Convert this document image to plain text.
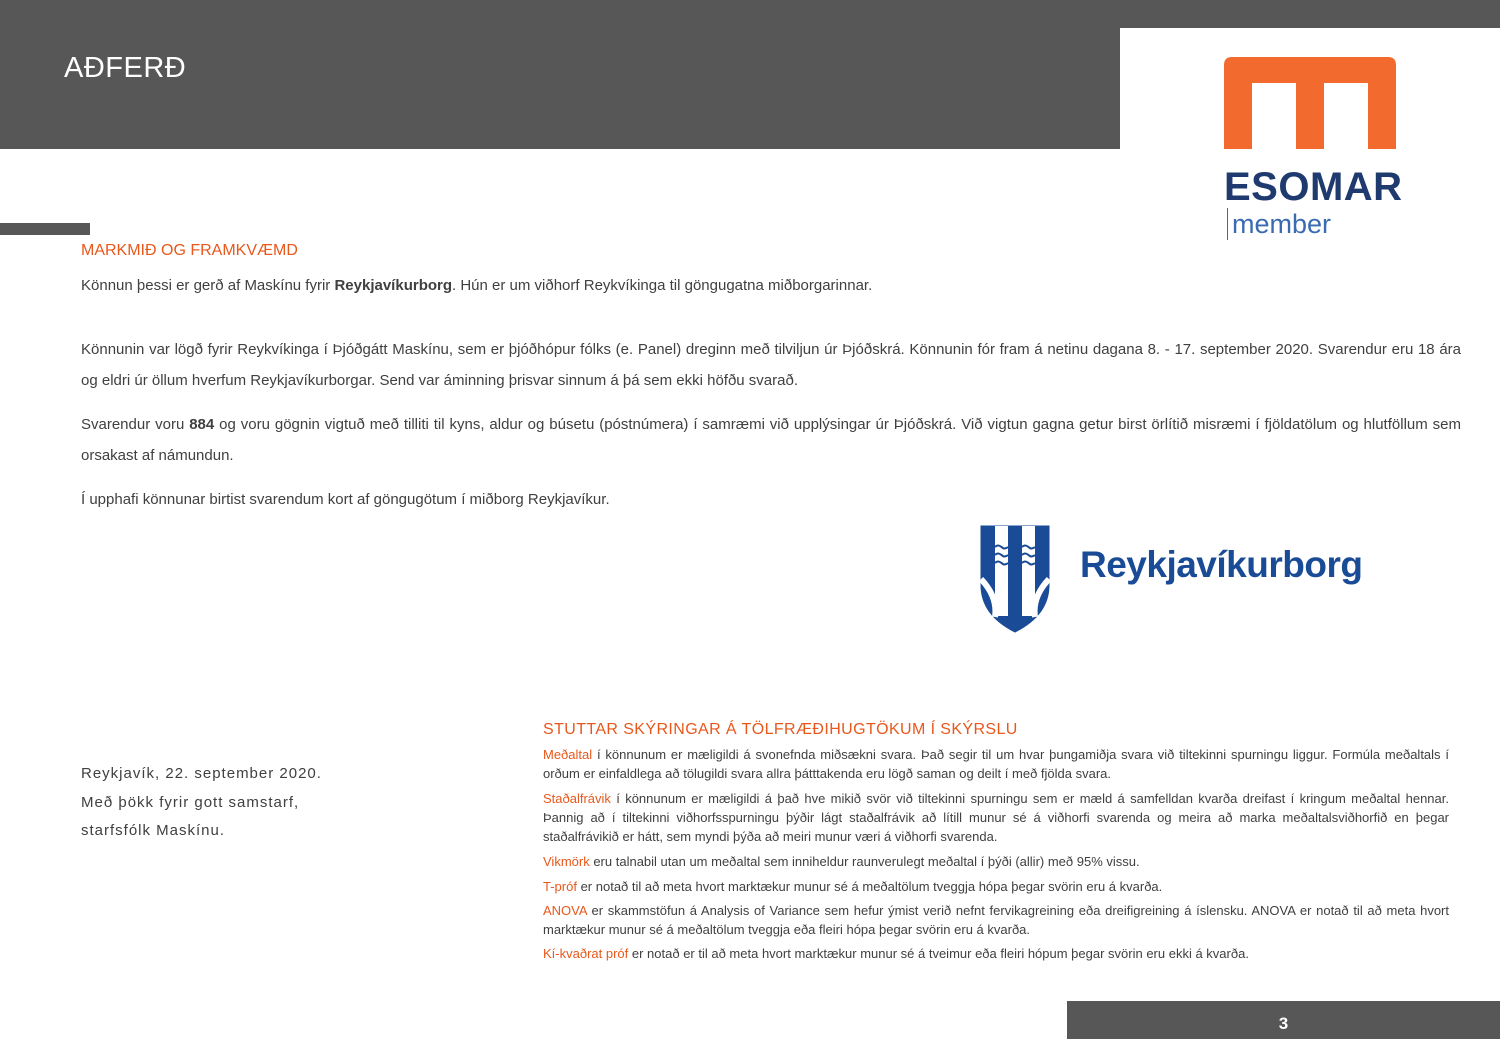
AÐFERÐ
ESOMAR
member
MARKMIÐ OG FRAMKVÆMD
Könnun þessi er gerð af Maskínu fyrir Reykjavíkurborg. Hún er um viðhorf Reykvíkinga til göngugatna miðborgarinnar.
Könnunin var lögð fyrir Reykvíkinga í Þjóðgátt Maskínu, sem er þjóðhópur fólks (e. Panel) dreginn með tilviljun úr Þjóðskrá. Könnunin fór fram á netinu dagana 8. - 17. september 2020. Svarendur eru 18 ára og eldri úr öllum hverfum Reykjavíkurborgar. Send var áminning þrisvar sinnum á þá sem ekki höfðu svarað.
Svarendur voru 884 og voru gögnin vigtuð með tilliti til kyns, aldur og búsetu (póstnúmera) í samræmi við upplýsingar úr Þjóðskrá. Við vigtun gagna getur birst örlítið misræmi í fjöldatölum og hlutföllum sem orsakast af námundun.
Í upphafi könnunar birtist svarendum kort af göngugötum í miðborg Reykjavíkur.
Reykjavíkurborg
Reykjavík, 22. september 2020.
Með þökk fyrir gott samstarf,
starfsfólk Maskínu.
STUTTAR SKÝRINGAR Á TÖLFRÆÐIHUGTÖKUM Í SKÝRSLU
Meðaltal í könnunum er mæligildi á svonefnda miðsækni svara. Það segir til um hvar þungamiðja svara við tiltekinni spurningu liggur. Formúla meðaltals í orðum er einfaldlega að tölugildi svara allra þátttakenda eru lögð saman og deilt í með fjölda svara.
Staðalfrávik í könnunum er mæligildi á það hve mikið svör við tiltekinni spurningu sem er mæld á samfelldan kvarða dreifast í kringum meðaltal hennar. Þannig að í tiltekinni viðhorfsspurningu þýðir lágt staðalfrávik að lítill munur sé á viðhorfi svarenda og meira að marka meðaltalsviðhorfið en þegar staðalfrávikið er hátt, sem myndi þýða að meiri munur væri á viðhorfi svarenda.
Vikmörk eru talnabil utan um meðaltal sem inniheldur raunverulegt meðaltal í þýði (allir) með 95% vissu.
T-próf er notað til að meta hvort marktækur munur sé á meðaltölum tveggja hópa þegar svörin eru á kvarða.
ANOVA er skammstöfun á Analysis of Variance sem hefur ýmist verið nefnt fervikagreining eða dreifigreining á íslensku. ANOVA er notað til að meta hvort marktækur munur sé á meðaltölum tveggja eða fleiri hópa þegar svörin eru á kvarða.
Kí-kvaðrat próf er notað er til að meta hvort marktækur munur sé á tveimur eða fleiri hópum þegar svörin eru ekki á kvarða.
3
